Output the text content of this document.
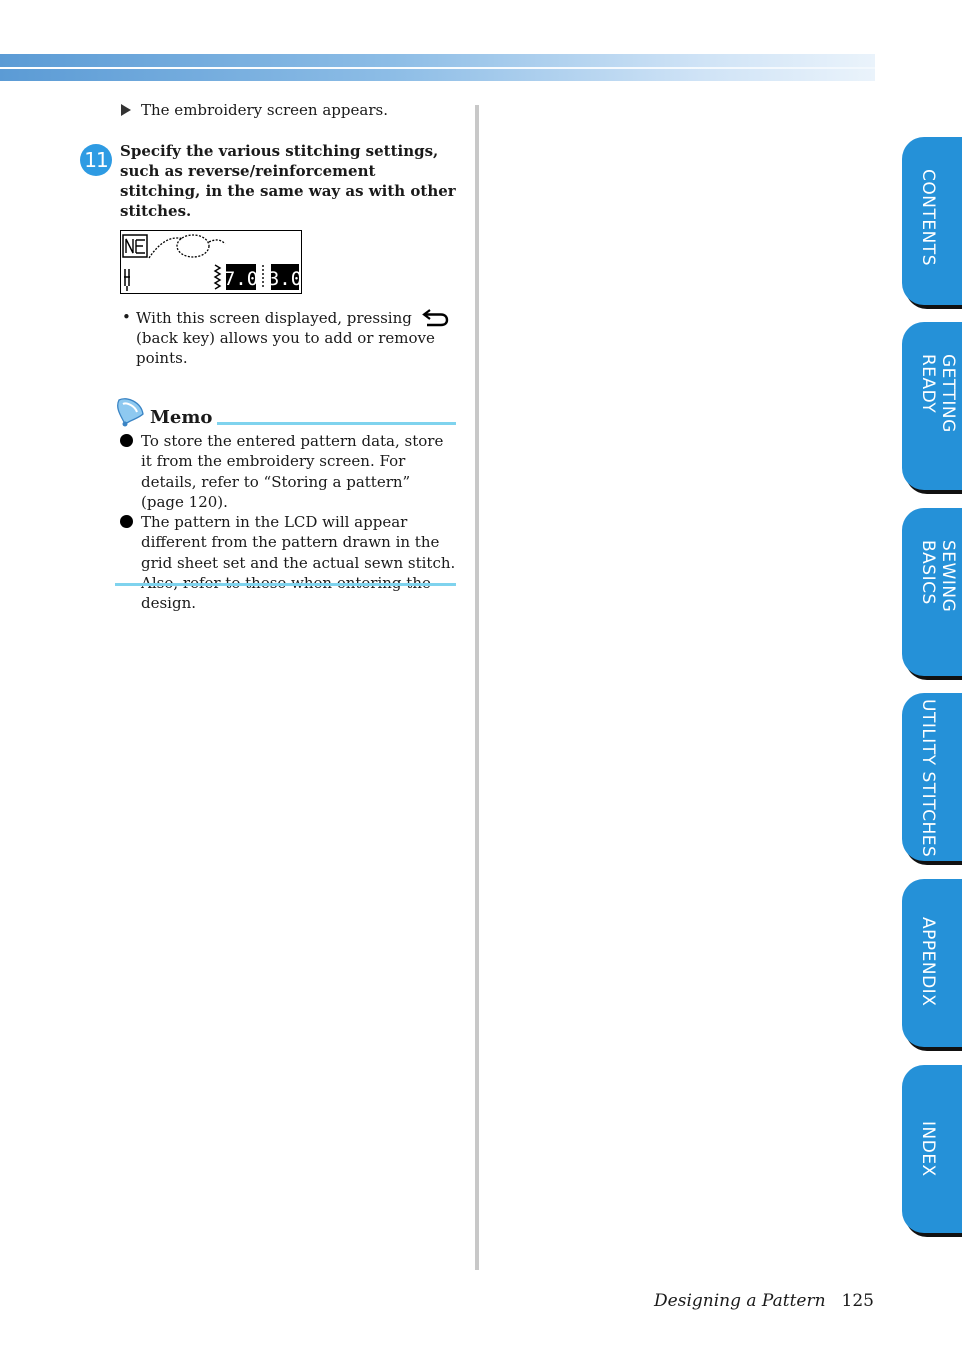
The embroidery screen appears.
11 Specify the various stitching settings, such as reverse/reinforcement stitching, in the same way as with other stitches.
7.0 3.0
• With this screen displayed, pressing
(back key) allows you to add or remove points.
Memo
To store the entered pattern data, store it from the embroidery screen. For details, refer to “Storing a pattern” (page 120).
The pattern in the LCD will appear different from the pattern drawn in the grid sheet set and the actual sewn stitch. design.
CONTENTS
GETTING READY
SEWING BASICS
UTILITY STITCHES
APPENDIX
INDEX
Designing a Pattern 125
